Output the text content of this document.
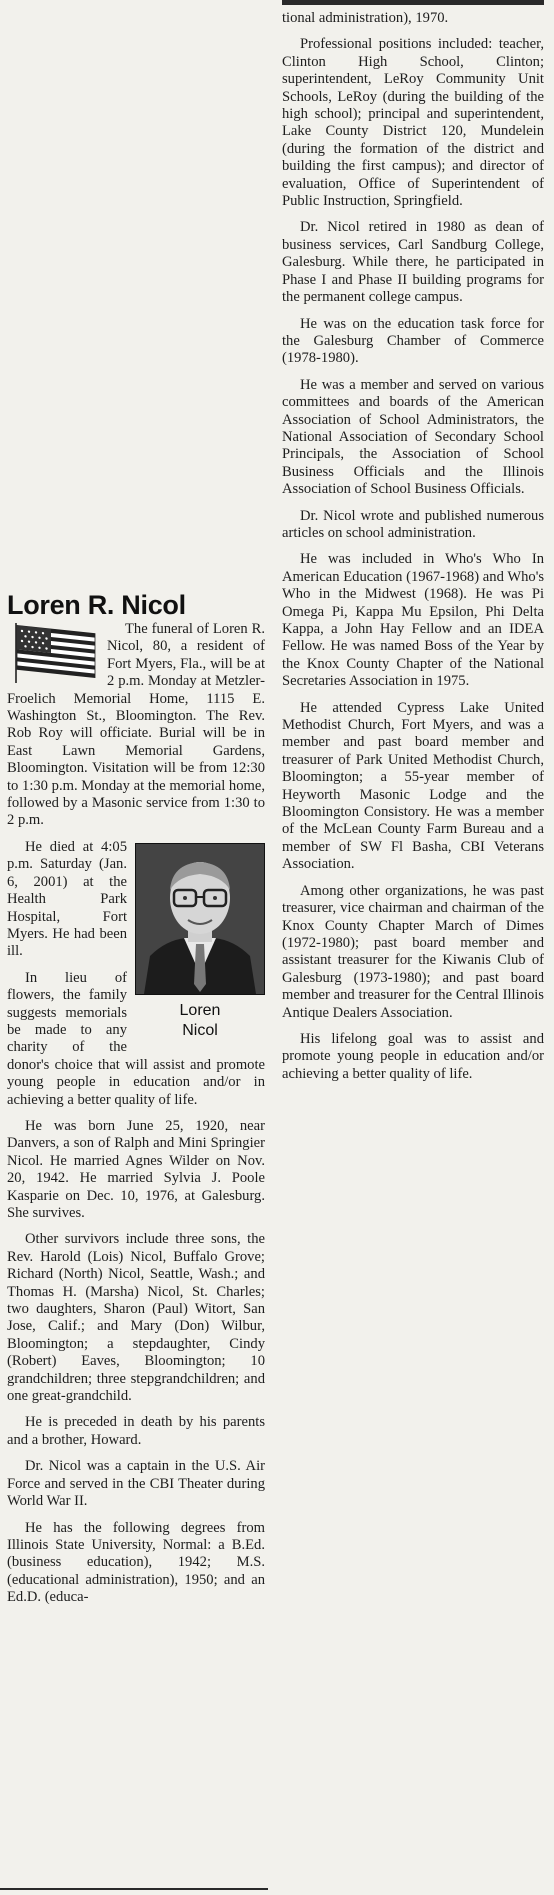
tional administration), 1970.

Professional positions included: teacher, Clinton High School, Clinton; superintendent, LeRoy Community Unit Schools, LeRoy (during the building of the high school); principal and superintendent, Lake County District 120, Mundelein (during the formation of the district and building the first campus); and director of evaluation, Office of Superintendent of Public Instruction, Springfield.

Dr. Nicol retired in 1980 as dean of business services, Carl Sandburg College, Galesburg. While there, he participated in Phase I and Phase II building programs for the permanent college campus.

He was on the education task force for the Galesburg Chamber of Commerce (1978-1980).

He was a member and served on various committees and boards of the American Association of School Administrators, the National Association of Secondary School Principals, the Association of School Business Officials and the Illinois Association of School Business Officials.

Dr. Nicol wrote and published numerous articles on school administration.

He was included in Who's Who In American Education (1967-1968) and Who's Who in the Midwest (1968). He was Pi Omega Pi, Kappa Mu Epsilon, Phi Delta Kappa, a John Hay Fellow and an IDEA Fellow. He was named Boss of the Year by the Knox County Chapter of the National Secretaries Association in 1975.

He attended Cypress Lake United Methodist Church, Fort Myers, and was a member and past board member and treasurer of Park United Methodist Church, Bloomington; a 55-year member of Heyworth Masonic Lodge and the Bloomington Consistory. He was a member of the McLean County Farm Bureau and a member of SW Fl Basha, CBI Veterans Association.

Among other organizations, he was past treasurer, vice chairman and chairman of the Knox County Chapter March of Dimes (1972-1980); past board member and assistant treasurer for the Kiwanis Club of Galesburg (1973-1980); and past board member and treasurer for the Central Illinois Antique Dealers Association.

His lifelong goal was to assist and promote young people in education and/or achieving a better quality of life.

Loren R. Nicol

The funeral of Loren R. Nicol, 80, a resident of Fort Myers, Fla., will be at 2 p.m. Monday at Metzler-Froelich Memorial Home, 1115 E. Washington St., Bloomington. The Rev. Rob Roy will officiate. Burial will be in East Lawn Memorial Gardens, Bloomington. Visitation will be from 12:30 to 1:30 p.m. Monday at the memorial home, followed by a Masonic service from 1:30 to 2 p.m.

Loren
Nicol

He died at 4:05 p.m. Saturday (Jan. 6, 2001) at the Health Park Hospital, Fort Myers. He had been ill.

In lieu of flowers, the family suggests memorials be made to any charity of the donor's choice that will assist and promote young people in education and/or in achieving a better quality of life.

He was born June 25, 1920, near Danvers, a son of Ralph and Mini Springier Nicol. He married Agnes Wilder on Nov. 20, 1942. He married Sylvia J. Poole Kasparie on Dec. 10, 1976, at Galesburg. She survives.

Other survivors include three sons, the Rev. Harold (Lois) Nicol, Buffalo Grove; Richard (North) Nicol, Seattle, Wash.; and Thomas H. (Marsha) Nicol, St. Charles; two daughters, Sharon (Paul) Witort, San Jose, Calif.; and Mary (Don) Wilbur, Bloomington; a stepdaughter, Cindy (Robert) Eaves, Bloomington; 10 grandchildren; three stepgrandchildren; and one great-grandchild.

He is preceded in death by his parents and a brother, Howard.

Dr. Nicol was a captain in the U.S. Air Force and served in the CBI Theater during World War II.

He has the following degrees from Illinois State University, Normal: a B.Ed. (business education), 1942; M.S. (educational administration), 1950; and an Ed.D. (educa-
